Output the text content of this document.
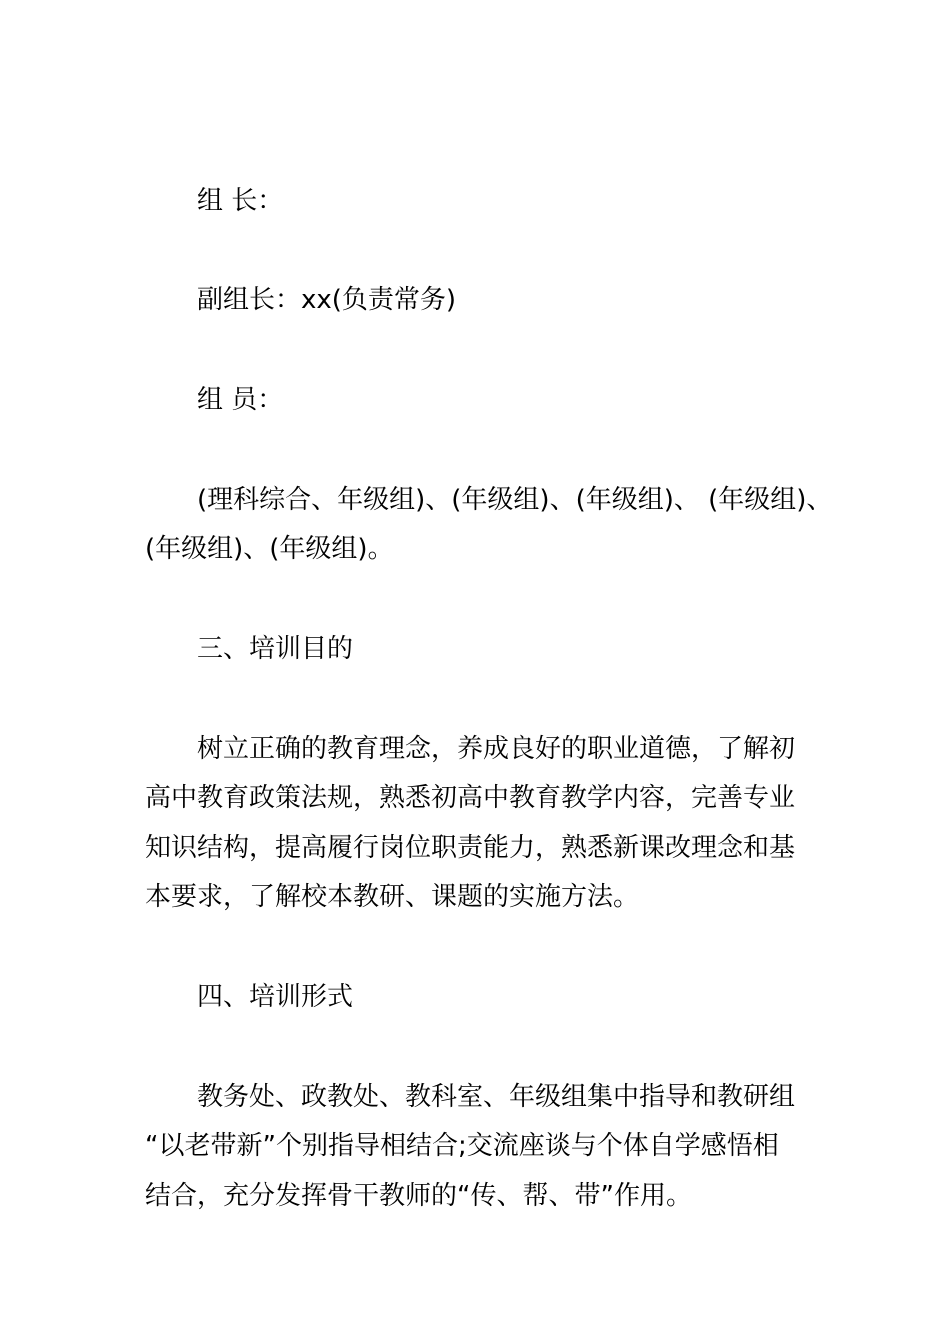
组 长：
副组长：xx(负责常务)
组 员：
(理科综合、年级组)、(年级组)、(年级组)、 (年级组)、
(年级组)、(年级组)。
三、培训目的
树立正确的教育理念，养成良好的职业道德，了解初
高中教育政策法规，熟悉初高中教育教学内容，完善专业
知识结构，提高履行岗位职责能力，熟悉新课改理念和基
本要求，了解校本教研、课题的实施方法。
四、培训形式
教务处、政教处、教科室、年级组集中指导和教研组
“以老带新”个别指导相结合;交流座谈与个体自学感悟相
结合，充分发挥骨干教师的“传、帮、带”作用。
